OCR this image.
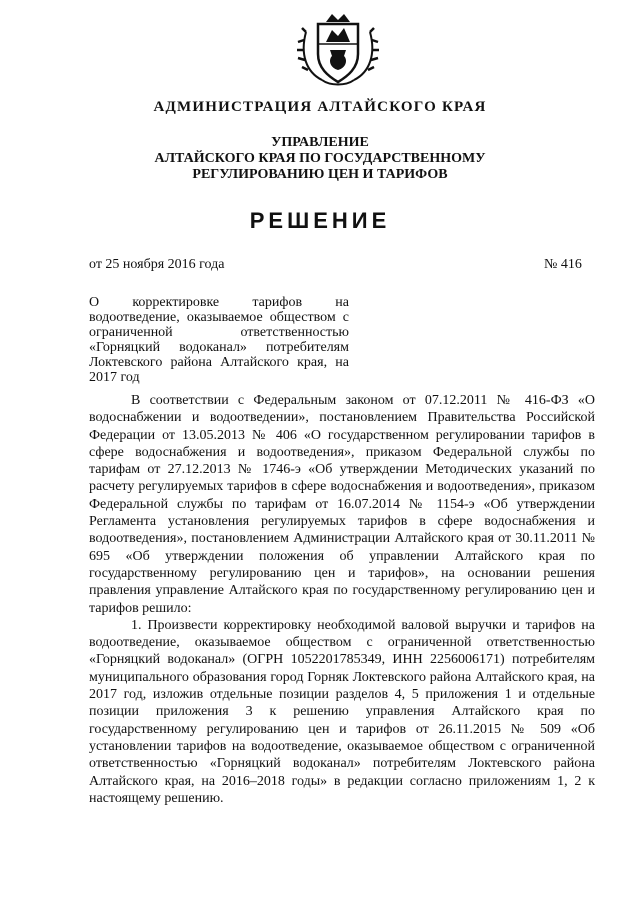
АДМИНИСТРАЦИЯ АЛТАЙСКОГО КРАЯ
УПРАВЛЕНИЕ
АЛТАЙСКОГО КРАЯ ПО ГОСУДАРСТВЕННОМУ
РЕГУЛИРОВАНИЮ ЦЕН И ТАРИФОВ
РЕШЕНИЕ
от 25 ноября 2016 года	№ 416
О корректировке тарифов на водоотведение, оказываемое обществом с ограниченной ответственностью «Горняцкий водоканал» потребителям Локтевского района Алтайского края, на 2017 год

В соответствии с Федеральным законом от 07.12.2011 № 416-ФЗ «О водоснабжении и водоотведении», постановлением Правительства Российской Федерации от 13.05.2013 № 406 «О государственном регулировании тарифов в сфере водоснабжения и водоотведения», приказом Федеральной службы по тарифам от 27.12.2013 № 1746-э «Об утверждении Методических указаний по расчету регулируемых тарифов в сфере водоснабжения и водоотведения», приказом Федеральной службы по тарифам от 16.07.2014 № 1154-э «Об утверждении Регламента установления регулируемых тарифов в сфере водоснабжения и водоотведения», постановлением Администрации Алтайского края от 30.11.2011 № 695 «Об утверждении положения об управлении Алтайского края по государственному регулированию цен и тарифов», на основании решения правления управление Алтайского края по государственному регулированию цен и тарифов решило:

1. Произвести корректировку необходимой валовой выручки и тарифов на водоотведение, оказываемое обществом с ограниченной ответственностью «Горняцкий водоканал» (ОГРН 1052201785349, ИНН 2256006171) потребителям муниципального образования город Горняк Локтевского района Алтайского края, на 2017 год, изложив отдельные позиции разделов 4, 5 приложения 1 и отдельные позиции приложения 3 к решению управления Алтайского края по государственному регулированию цен и тарифов от 26.11.2015 № 509 «Об установлении тарифов на водоотведение, оказываемое обществом с ограниченной ответственностью «Горняцкий водоканал» потребителям Локтевского района Алтайского края, на 2016–2018 годы» в редакции согласно приложениям 1, 2 к настоящему решению.
